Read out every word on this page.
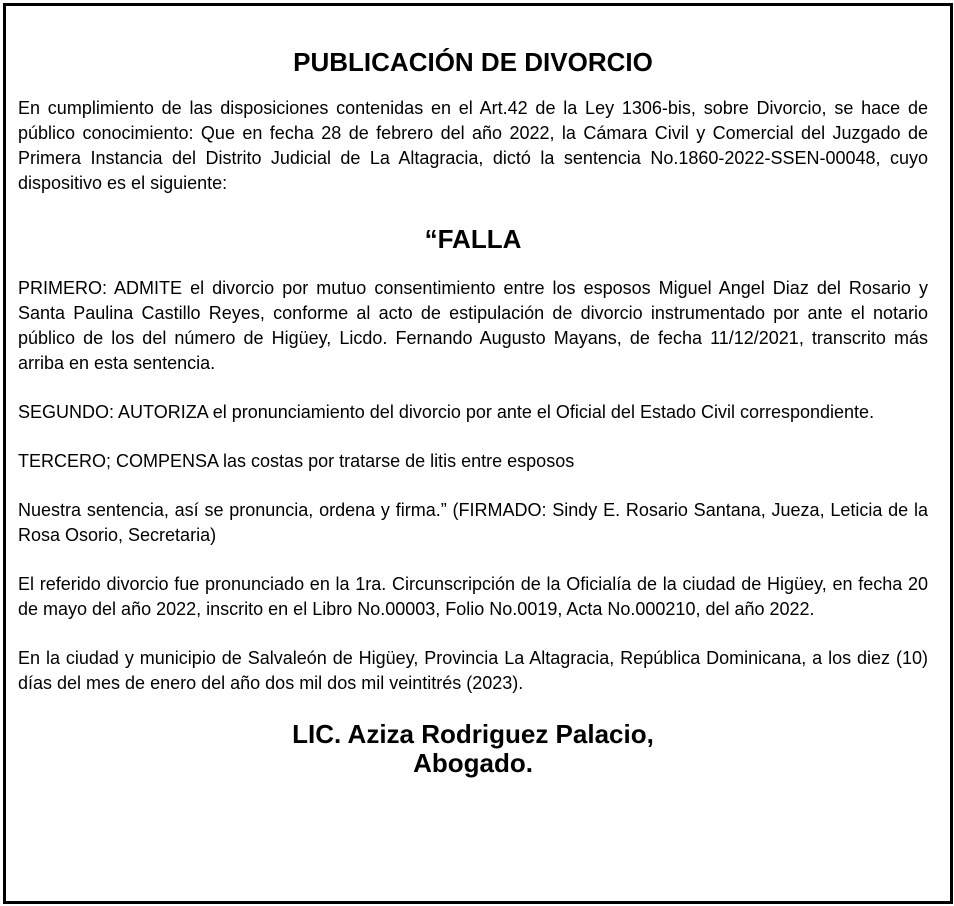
PUBLICACIÓN DE DIVORCIO

En cumplimiento de las disposiciones contenidas en el Art.42 de la Ley 1306-bis, sobre Divorcio, se hace de público conocimiento: Que en fecha 28 de febrero del año 2022, la Cámara Civil y Comercial del Juzgado de Primera Instancia del Distrito Judicial de La Altagracia, dictó la sentencia No.1860-2022-SSEN-00048, cuyo dispositivo es el siguiente:

“FALLA

PRIMERO: ADMITE el divorcio por mutuo consentimiento entre los esposos Miguel Angel Diaz del Rosario y Santa Paulina Castillo Reyes, conforme al acto de estipulación de divorcio instrumentado por ante el notario público de los del número de Higüey, Licdo. Fernando Augusto Mayans, de fecha 11/12/2021, transcrito más arriba en esta sentencia.

SEGUNDO: AUTORIZA el pronunciamiento del divorcio por ante el Oficial del Estado Civil correspondiente.

TERCERO; COMPENSA las costas por tratarse de litis entre esposos

Nuestra sentencia, así se pronuncia, ordena y firma.” (FIRMADO: Sindy E. Rosario Santana, Jueza, Leticia de la Rosa Osorio, Secretaria)

El referido divorcio fue pronunciado en la 1ra. Circunscripción de la Oficialía de la ciudad de Higüey, en fecha 20 de mayo del año 2022, inscrito en el Libro No.00003, Folio No.0019, Acta No.000210, del año 2022.

En la ciudad y municipio de Salvaleón de Higüey, Provincia La Altagracia, República Dominicana, a los diez (10) días del mes de enero del año dos mil dos mil veintitrés (2023).

LIC. Aziza Rodriguez Palacio,
Abogado.
